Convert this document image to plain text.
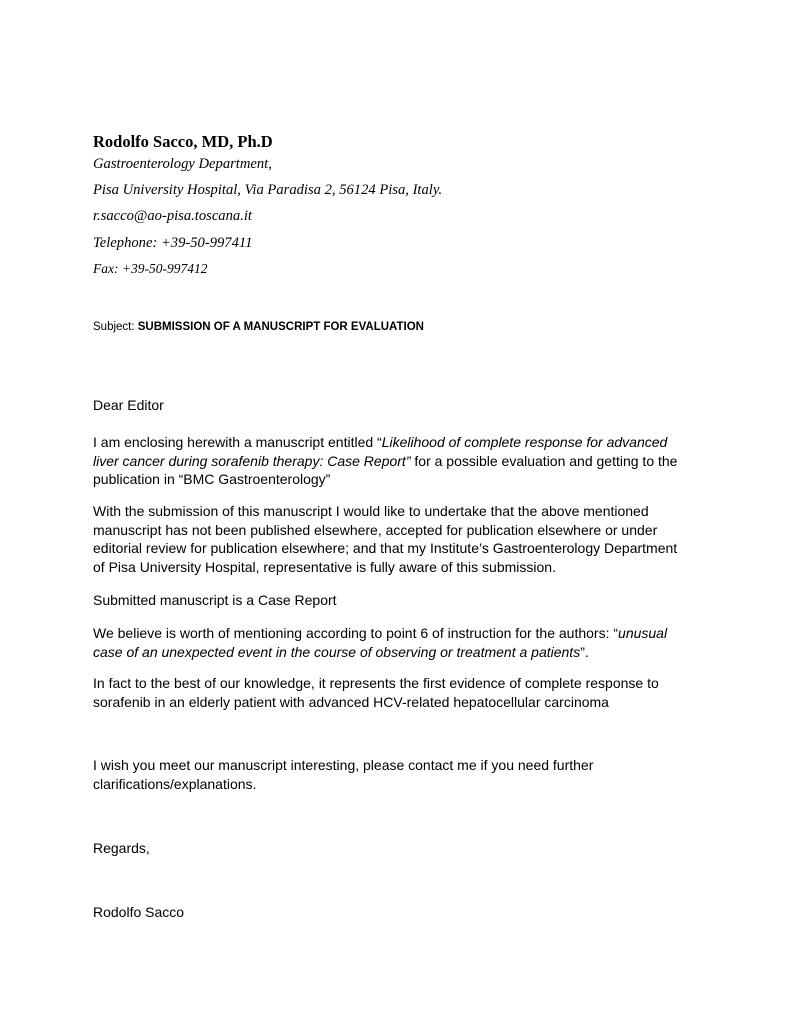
Rodolfo Sacco, MD, Ph.D
Gastroenterology Department,
Pisa University Hospital, Via Paradisa 2, 56124 Pisa, Italy.
r.sacco@ao-pisa.toscana.it
Telephone: +39-50-997411
Fax: +39-50-997412
Subject: SUBMISSION OF A MANUSCRIPT FOR EVALUATION
Dear Editor
I am enclosing herewith a manuscript entitled “Likelihood of complete response for advanced
liver cancer during sorafenib therapy: Case Report” for a possible evaluation and getting to the
publication in “BMC Gastroenterology”
With the submission of this manuscript I would like to undertake that the above mentioned
manuscript has not been published elsewhere, accepted for publication elsewhere or under
editorial review for publication elsewhere; and that my Institute’s Gastroenterology Department
of Pisa University Hospital, representative is fully aware of this submission.
Submitted manuscript is a Case Report
We believe is worth of mentioning according to point 6 of instruction for the authors: “unusual
case of an unexpected event in the course of observing or treatment a patients”.
In fact to the best of our knowledge, it represents the first evidence of complete response to
sorafenib in an elderly patient with advanced HCV-related hepatocellular carcinoma
I wish you meet our manuscript interesting, please contact me if you need further
clarifications/explanations.
Regards,
Rodolfo Sacco
